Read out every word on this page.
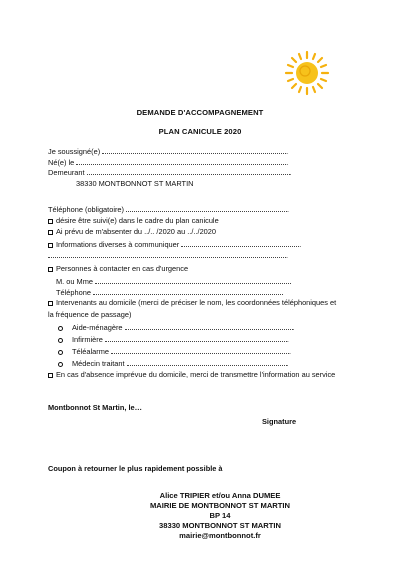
DEMANDE D'ACCOMPAGNEMENT
PLAN CANICULE 2020
Je soussigné(e)	.
Né(e) le	.
Demeurant	.
38330 MONTBONNOT ST MARTIN
Téléphone (obligatoire)	.
désire être suivi(e) dans le cadre du plan canicule
Ai prévu de m'absenter du ../.. /2020 au ../../2020
Informations diverses à communiquer	.
.
Personnes à contacter en cas d'urgence
M. ou Mme
Téléphone
Intervenants au domicile (merci de préciser le nom, les coordonnées téléphoniques et
la fréquence de passage)
Aide-ménagère	.
Infirmière	.
Téléalarme	.
Médecin traitant	.
En cas d'absence imprévue du domicile, merci de transmettre l'information au service
Montbonnot St Martin, le…
Signature
Coupon à retourner le plus rapidement possible à
Alice TRIPIER et/ou Anna DUMEE
MAIRIE DE MONTBONNOT ST MARTIN
BP 14
38330 MONTBONNOT ST MARTIN
mairie@montbonnot.fr
